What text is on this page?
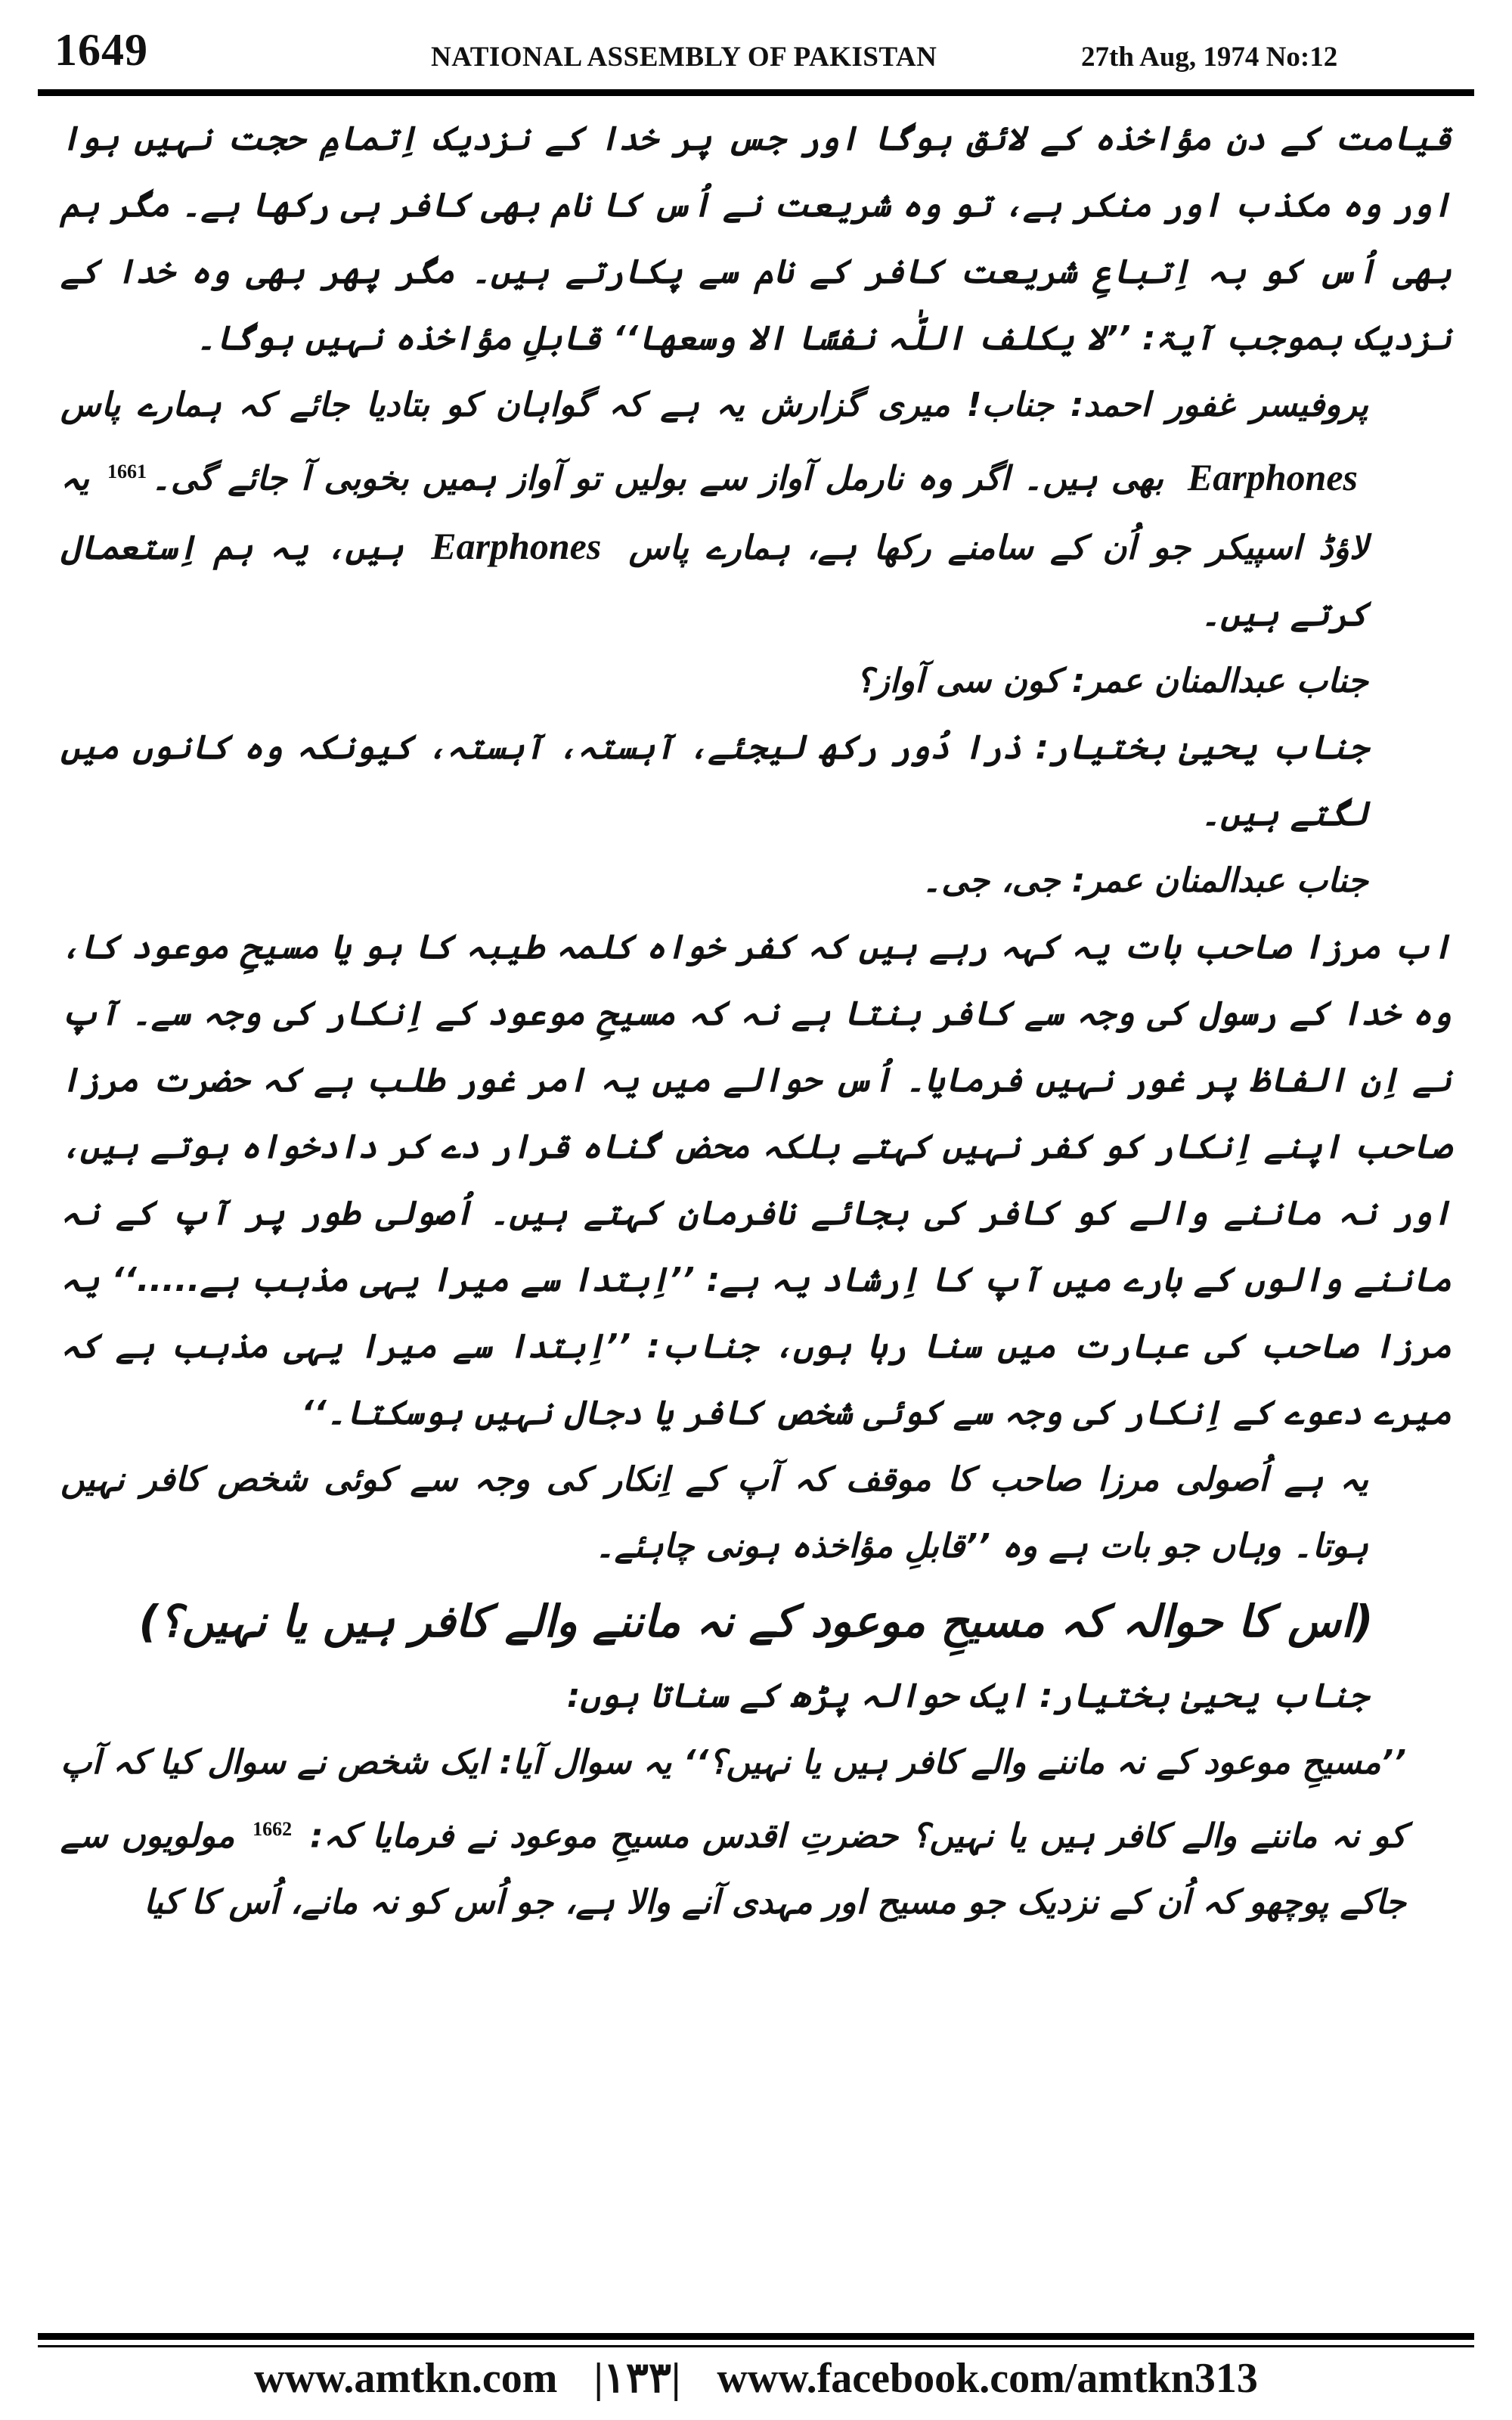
1649	NATIONAL ASSEMBLY OF PAKISTAN	27th Aug, 1974 No:12

قیامت کے دن مؤاخذہ کے لائق ہوگا اور جس پر خدا کے نزدیک اِتمامِ حجت نہیں ہوا اور وہ مکذب اور منکر ہے، تو وہ شریعت نے اُس کا نام بھی کافر ہی رکھا ہے۔ مگر ہم بھی اُس کو بہ اِتباعِ شریعت کافر کے نام سے پکارتے ہیں۔ مگر پھر بھی وہ خدا کے نزدیک بموجب آیۃ: ’’لا یکلف اللّٰہ نفسًا الا وسعھا‘‘ قابلِ مؤاخذہ نہیں ہوگا۔

پروفیسر غفور احمد: جناب! میری گزارش یہ ہے کہ گواہان کو بتادیا جائے کہ ہمارے پاس Earphones بھی ہیں۔ اگر وہ نارمل آواز سے بولیں تو آواز ہمیں بخوبی آ جائے گی۔$^{1661}$ یہ لاؤڈ اسپیکر جو اُن کے سامنے رکھا ہے، ہمارے پاس Earphones ہیں، یہ ہم اِستعمال کرتے ہیں۔

جناب عبدالمنان عمر: کون سی آواز؟

جناب یحییٰ بختیار: ذرا دُور رکھ لیجئے، آہستہ، آہستہ، کیونکہ وہ کانوں میں لگتے ہیں۔

جناب عبدالمنان عمر: جی، جی۔

اب مرزا صاحب بات یہ کہہ رہے ہیں کہ کفر خواہ کلمہ طیبہ کا ہو یا مسیحِ موعود کا، وہ خدا کے رسول کی وجہ سے کافر بنتا ہے نہ کہ مسیحِ موعود کے اِنکار کی وجہ سے۔ آپ نے اِن الفاظ پر غور نہیں فرمایا۔ اُس حوالے میں یہ امر غور طلب ہے کہ حضرت مرزا صاحب اپنے اِنکار کو کفر نہیں کہتے بلکہ محض گناہ قرار دے کر دادخواہ ہوتے ہیں، اور نہ ماننے والے کو کافر کی بجائے نافرمان کہتے ہیں۔ اُصولی طور پر آپ کے نہ ماننے والوں کے بارے میں آپ کا اِرشاد یہ ہے: ’’اِبتدا سے میرا یہی مذہب ہے.....‘‘ یہ مرزا صاحب کی عبارت میں سنا رہا ہوں، جناب: ’’اِبتدا سے میرا یہی مذہب ہے کہ میرے دعوے کے اِنکار کی وجہ سے کوئی شخص کافر یا دجال نہیں ہوسکتا۔‘‘

یہ ہے اُصولی مرزا صاحب کا موقف کہ آپ کے اِنکار کی وجہ سے کوئی شخص کافر نہیں ہوتا۔ وہاں جو بات ہے وہ ’’قابلِ مؤاخذہ ہونی چاہئے۔

(اس کا حوالہ کہ مسیحِ موعود کے نہ ماننے والے کافر ہیں یا نہیں؟)

جناب یحییٰ بختیار: ایک حوالہ پڑھ کے سناتا ہوں:

’’مسیحِ موعود کے نہ ماننے والے کافر ہیں یا نہیں؟‘‘ یہ سوال آیا: ایک شخص نے سوال کیا کہ آپ کو نہ ماننے والے کافر ہیں یا نہیں؟ حضرتِ اقدس مسیحِ موعود نے فرمایا کہ: $^{1662}$ مولویوں سے جاکے پوچھو کہ اُن کے نزدیک جو مسیح اور مہدی آنے والا ہے، جو اُس کو نہ مانے، اُس کا کیا

www.amtkn.com |۱۳۳| www.facebook.com/amtkn313
